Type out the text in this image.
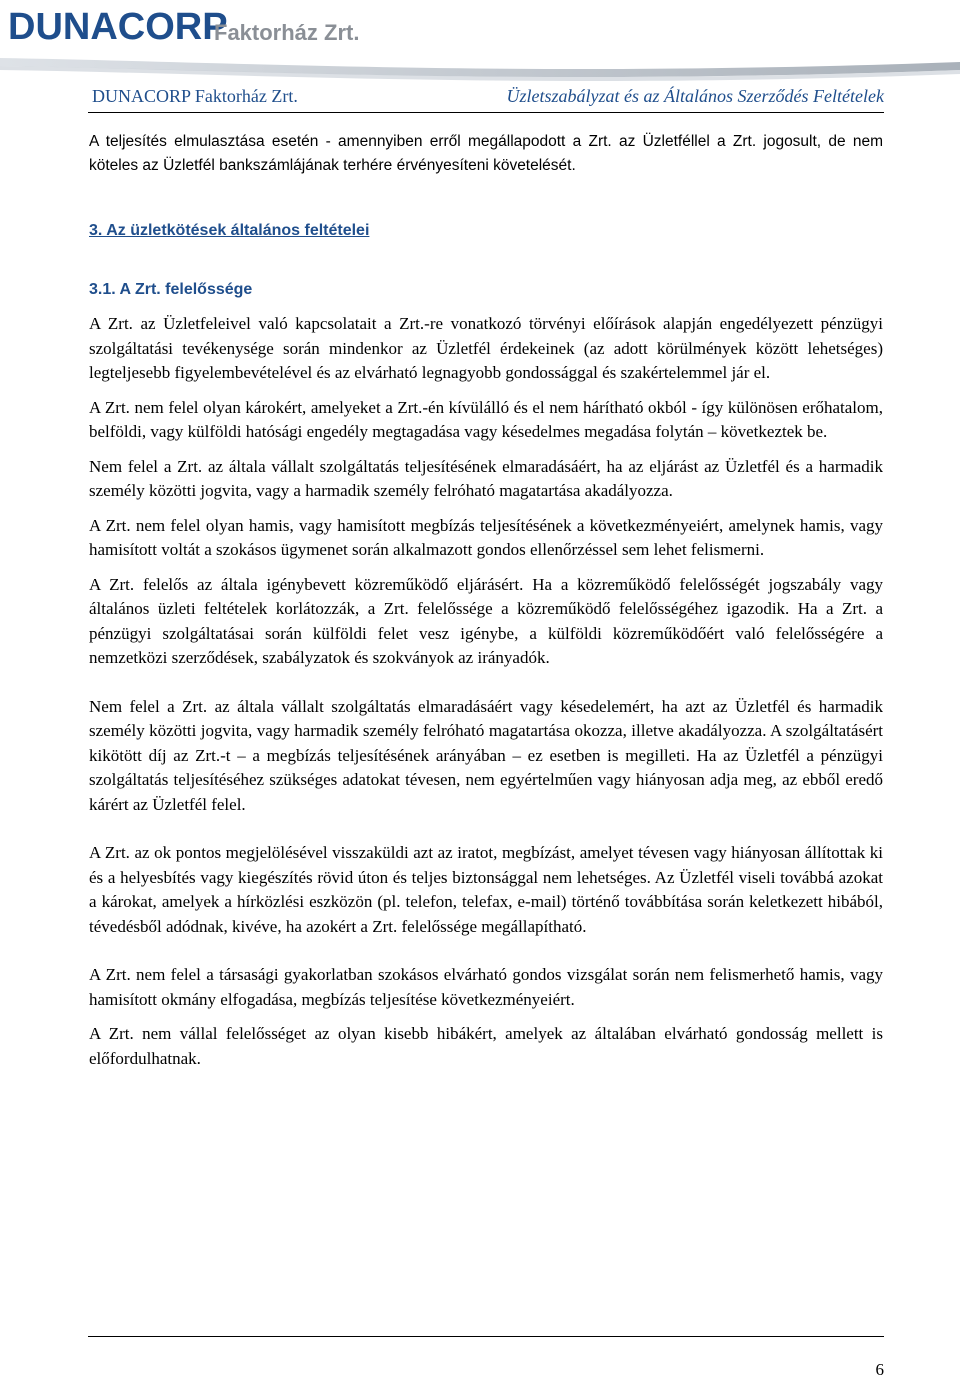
DUNACORP
Faktorház Zrt.
DUNACORP Faktorház Zrt.	Üzletszabályzat és az Általános Szerződés Feltételek

A teljesítés elmulasztása esetén - amennyiben erről megállapodott a Zrt. az Üzletféllel a Zrt. jogosult, de nem köteles az Üzletfél bankszámlájának terhére érvényesíteni követelését.

3. Az üzletkötések általános feltételei

3.1. A Zrt. felelőssége

A Zrt. az Üzletfeleivel való kapcsolatait a Zrt.-re vonatkozó törvényi előírások alapján engedélyezett pénzügyi szolgáltatási tevékenysége során mindenkor az Üzletfél érdekeinek (az adott körülmények között lehetséges) legteljesebb figyelembevételével és az elvárható legnagyobb gondossággal és szakértelemmel jár el.

A Zrt. nem felel olyan károkért, amelyeket a Zrt.-én kívülálló és el nem hárítható okból - így különösen erőhatalom, belföldi, vagy külföldi hatósági engedély megtagadása vagy késedelmes megadása folytán – következtek be.

Nem felel a Zrt. az általa vállalt szolgáltatás teljesítésének elmaradásáért, ha az eljárást az Üzletfél és a harmadik személy közötti jogvita, vagy a harmadik személy felróható magatartása akadályozza.

A Zrt. nem felel olyan hamis, vagy hamisított megbízás teljesítésének a következményeiért, amelynek hamis, vagy hamisított voltát a szokásos ügymenet során alkalmazott gondos ellenőrzéssel sem lehet felismerni.

A Zrt. felelős az általa igénybevett közreműködő eljárásért. Ha a közreműködő felelősségét jogszabály vagy általános üzleti feltételek korlátozzák, a Zrt. felelőssége a közreműködő felelősségéhez igazodik. Ha a Zrt. a pénzügyi szolgáltatásai során külföldi felet vesz igénybe, a külföldi közreműködőért való felelősségére a nemzetközi szerződések, szabályzatok és szokványok az irányadók.

Nem felel a Zrt. az általa vállalt szolgáltatás elmaradásáért vagy késedelemért, ha azt az Üzletfél és harmadik személy közötti jogvita, vagy harmadik személy felróható magatartása okozza, illetve akadályozza. A szolgáltatásért kikötött díj az Zrt.-t – a megbízás teljesítésének arányában – ez esetben is megilleti. Ha az Üzletfél a pénzügyi szolgáltatás teljesítéséhez szükséges adatokat tévesen, nem egyértelműen vagy hiányosan adja meg, az ebből eredő kárért az Üzletfél felel.

A Zrt. az ok pontos megjelölésével visszaküldi azt az iratot, megbízást, amelyet tévesen vagy hiányosan állítottak ki és a helyesbítés vagy kiegészítés rövid úton és teljes biztonsággal nem lehetséges. Az Üzletfél viseli továbbá azokat a károkat, amelyek a hírközlési eszközön (pl. telefon, telefax, e-mail) történő továbbítása során keletkezett hibából, tévedésből adódnak, kivéve, ha azokért a Zrt. felelőssége megállapítható.

A Zrt. nem felel a társasági gyakorlatban szokásos elvárható gondos vizsgálat során nem felismerhető hamis, vagy hamisított okmány elfogadása, megbízás teljesítése következményeiért.

A Zrt. nem vállal felelősséget az olyan kisebb hibákért, amelyek az általában elvárható gondosság mellett is előfordulhatnak.

6
